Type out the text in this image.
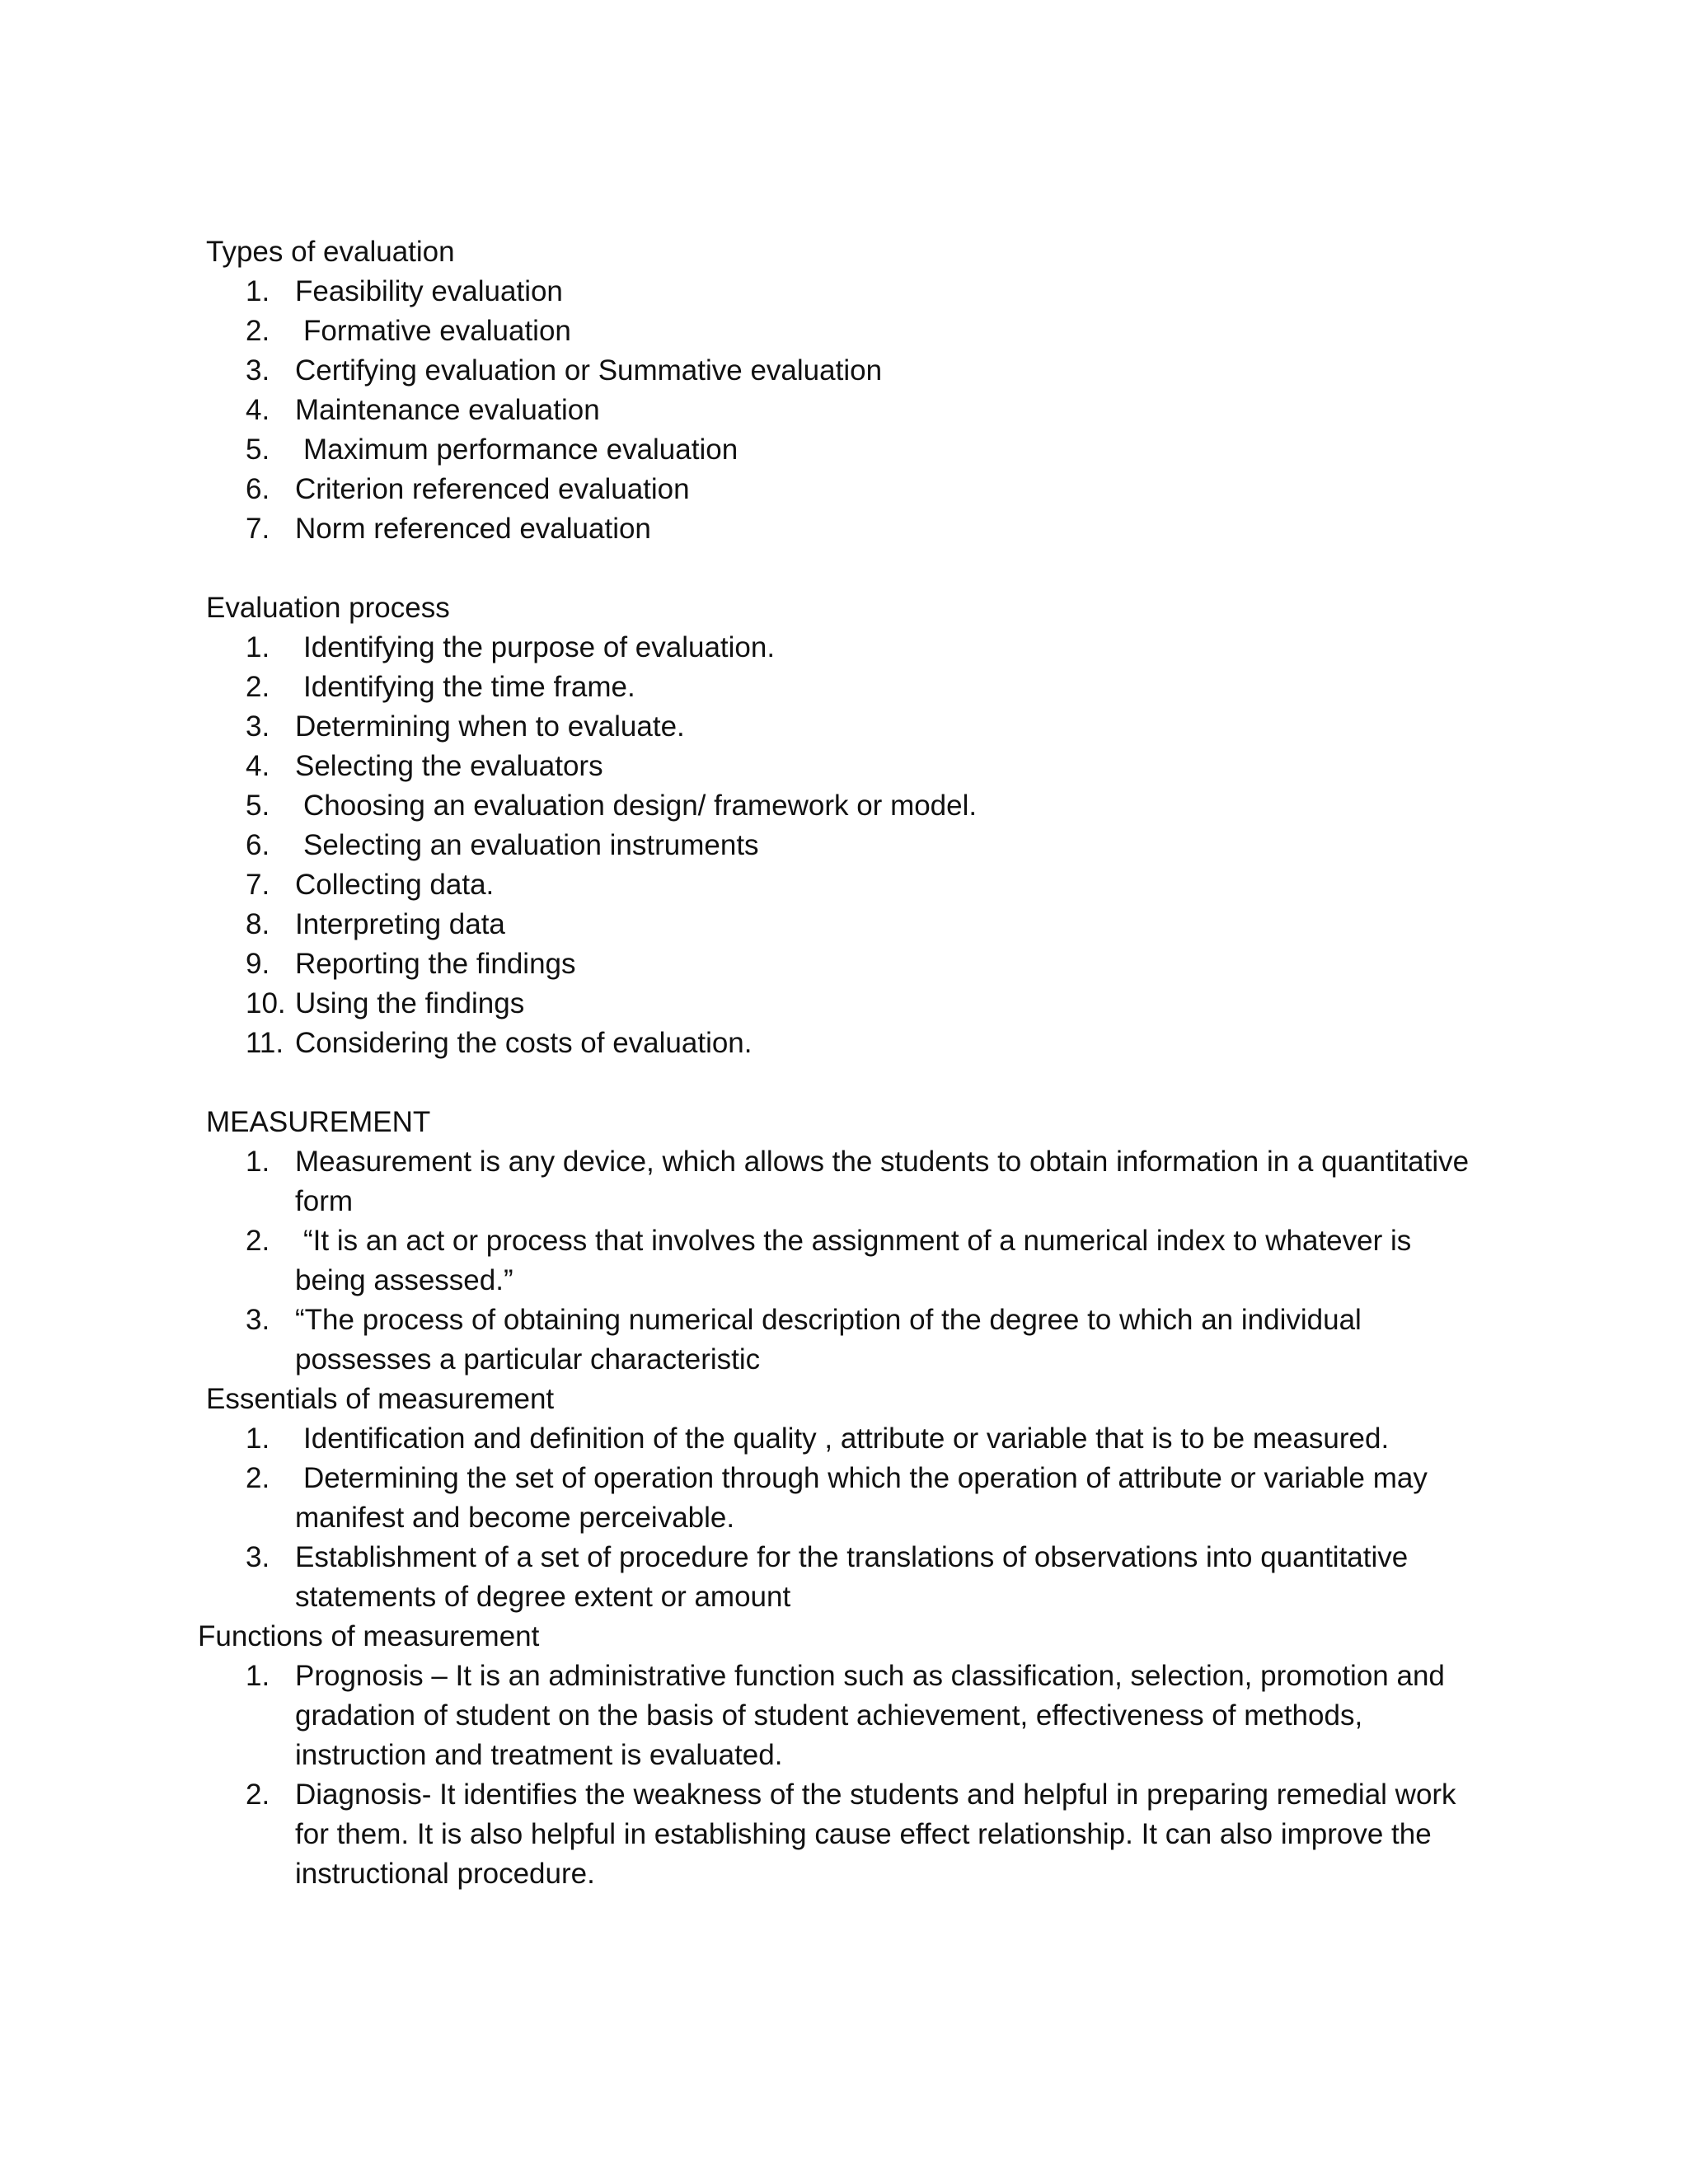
Types of evaluation
1. Feasibility evaluation
2.	Formative evaluation
3. Certifying evaluation or Summative evaluation
4. Maintenance evaluation
5.	Maximum performance evaluation
6. Criterion referenced evaluation
7. Norm referenced evaluation
Evaluation process
1.	Identifying the purpose of evaluation.
2.	Identifying the time frame.
3. Determining when to evaluate.
4. Selecting the evaluators
5.	Choosing an evaluation design/ framework or model.
6.	Selecting an evaluation instruments
7. Collecting data.
8. Interpreting data
9. Reporting the findings
10. Using the findings
11. Considering the costs of evaluation.
MEASUREMENT
1. Measurement is any device, which allows the students to obtain information in a quantitative form
2.	“It is an act or process that involves the assignment of a numerical index to whatever is being assessed.”
3. “The process of obtaining numerical description of the degree to which an individual possesses a particular characteristic
Essentials of measurement
1.	Identification and definition of the quality , attribute or variable that is to be measured.
2.	Determining the set of operation through which the operation of attribute or variable may manifest and become perceivable.
3. Establishment of a set of procedure for the translations of observations into quantitative statements of degree extent or amount
Functions of measurement
1. Prognosis – It is an administrative function such as classification, selection, promotion and gradation of student on the basis of student achievement, effectiveness of methods, instruction and treatment is evaluated.
2. Diagnosis- It identifies the weakness of the students and helpful in preparing remedial work for them. It is also helpful in establishing cause effect relationship. It can also improve the instructional procedure.
